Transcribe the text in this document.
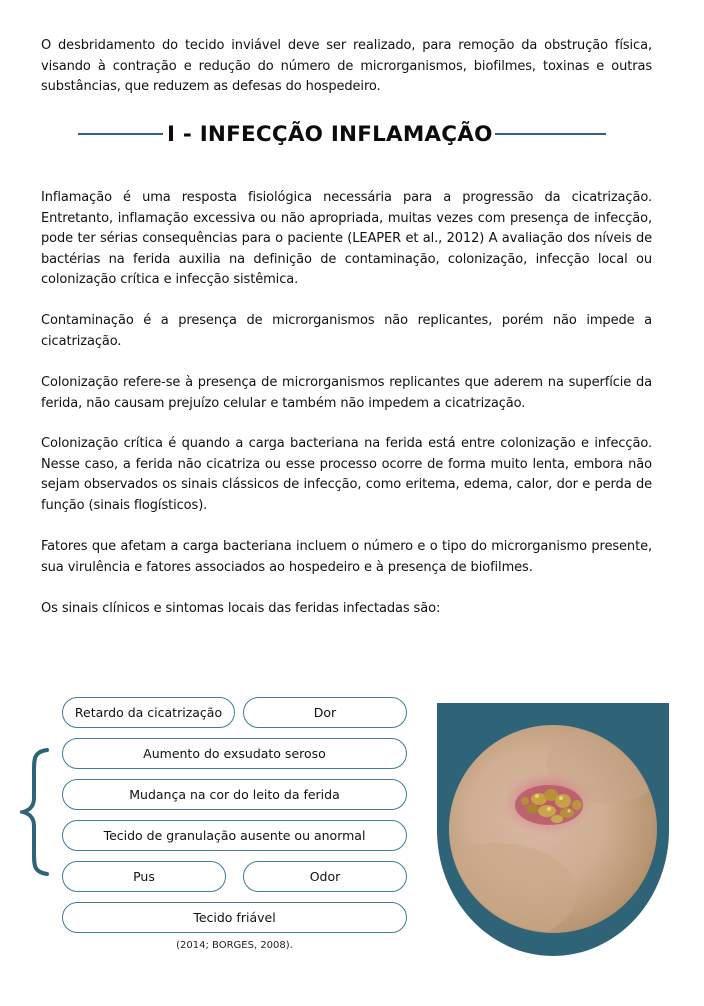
O desbridamento do tecido inviável deve ser realizado, para remoção da obstrução física, visando à contração e redução do número de microrganismos, biofilmes, toxinas e outras substâncias, que reduzem as defesas do hospedeiro.

I - INFECÇÃO INFLAMAÇÃO

Inflamação é uma resposta fisiológica necessária para a progressão da cicatrização. Entretanto, inflamação excessiva ou não apropriada, muitas vezes com presença de infecção, pode ter sérias consequências para o paciente (LEAPER et al., 2012) A avaliação dos níveis de bactérias na ferida auxilia na definição de contaminação, colonização, infecção local ou colonização crítica e infecção sistêmica.

Contaminação é a presença de microrganismos não replicantes, porém não impede a cicatrização.

Colonização refere-se à presença de microrganismos replicantes que aderem na superfície da ferida, não causam prejuízo celular e também não impedem a cicatrização.

Colonização crítica é quando a carga bacteriana na ferida está entre colonização e infecção. Nesse caso, a ferida não cicatriza ou esse processo ocorre de forma muito lenta, embora não sejam observados os sinais clássicos de infecção, como eritema, edema, calor, dor e perda de função (sinais flogísticos).

Fatores que afetam a carga bacteriana incluem o número e o tipo do microrganismo presente, sua virulência e fatores associados ao hospedeiro e à presença de biofilmes.

Os sinais clínicos e sintomas locais das feridas infectadas são:

Retardo da cicatrização	Dor
Aumento do exsudato seroso
Mudança na cor do leito da ferida
Tecido de granulação ausente ou anormal
Pus	Odor
Tecido friável
(2014; BORGES, 2008).
